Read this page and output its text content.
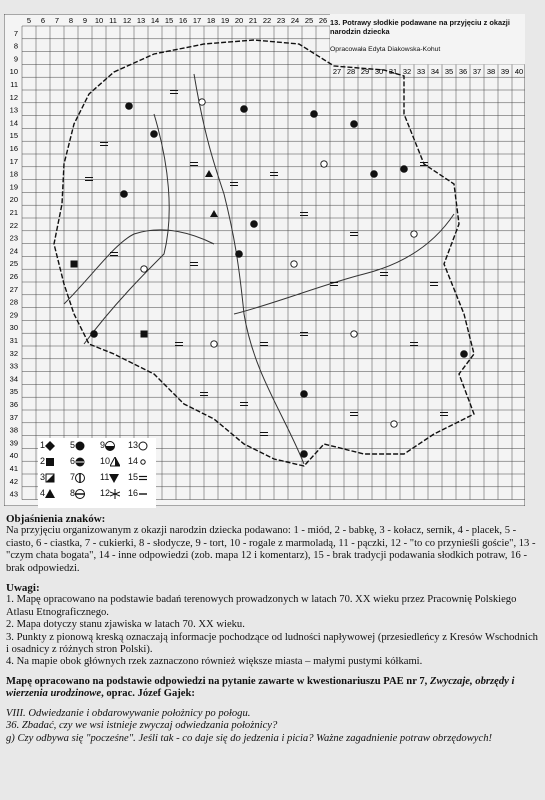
5 6 7 8 9 10 11 12 13 14 15 16 17 18 19 20 21 22 23 24 25 26
27 28 29 30 31 32 33 34 35 36 37 38 39 40
7
8
9
10
11
12
13
14
15
16
17
18
19
20
21
22
23
24
25
26
27
28
29
30
31
32
33
34
35
36
37
38
39
40
41
42
43

13. Potrawy słodkie podawane na przyjęciu z okazji narodzin dziecka

Opracowała Edyta Diakowska-Kohut
1
2
3
4
5
6
7
8
9
10
11
12
13
14
15
16
Objaśnienia znaków:

Na przyjęciu organizowanym z okazji narodzin dziecka podawano: 1 - miód, 2 - babkę, 3 - kołacz, sernik, 4 - placek, 5 - ciasto, 6 - ciastka, 7 - cukierki, 8 - słodycze, 9 - tort, 10 - rogale z marmoladą, 11 - pączki, 12 - "to co przynieśli goście", 13 - "czym chata bogata", 14 - inne odpowiedzi (zob. mapa 12 i komentarz), 15 - brak tradycji podawania słodkich potraw, 16 - brak odpowiedzi.

Uwagi:

1. Mapę opracowano na podstawie badań terenowych prowadzonych w latach 70. XX wieku przez Pracownię Polskiego Atlasu Etnograficznego.

2. Mapa dotyczy stanu zjawiska w latach 70. XX wieku.

3. Punkty z pionową kreską oznaczają informacje pochodzące od ludności napływowej (przesiedleńcy z Kresów Wschodnich i osadnicy z różnych stron Polski).

4. Na mapie obok głównych rzek zaznaczono również większe miasta – małymi pustymi kółkami.

Mapę opracowano na podstawie odpowiedzi na pytanie zawarte w kwestionariuszu PAE nr 7, Zwyczaje, obrzędy i wierzenia urodzinowe, oprac. Józef Gajek:

VIII. Odwiedzanie i obdarowywanie położnicy po połogu.

36. Zbadać, czy we wsi istnieje zwyczaj odwiedzania położnicy?

g) Czy odbywa się "pocześne". Jeśli tak - co daje się do jedzenia i picia? Ważne zagadnienie potraw obrzędowych!
